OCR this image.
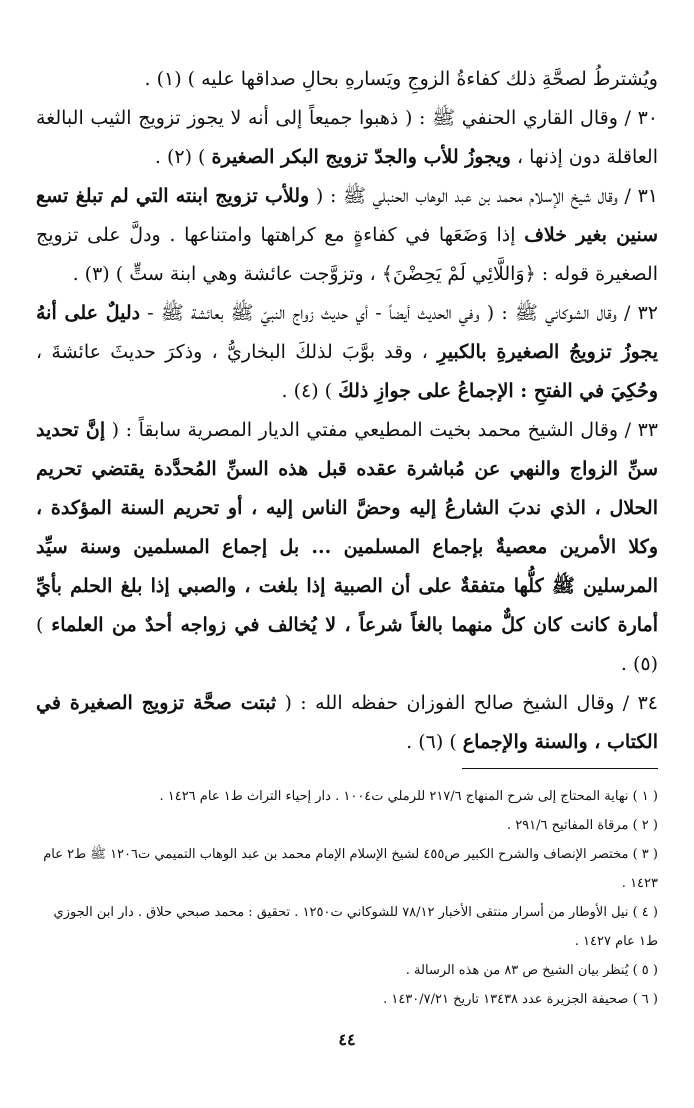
ويُشترطُ لصحَّةِ ذلك كفاءةُ الزوجِ ويَسارهِ بحالِ صداقها عليه ) (١) .

٣٠ / وقال القاري الحنفي ﷺ : ( ذهبوا جميعاً إلى أنه لا يجوز تزويج الثيب البالغة العاقلة دون إذنها ، ويجوزُ للأب والجدّ تزويج البكر الصغيرة ) (٢) .

٣١ / وقال شيخ الإسلام محمد بن عبد الوهاب الحنبلي ﷺ : ( وللأب تزويج ابنته التي لم تبلغ تسع سنين بغير خلاف إذا وَضَعَها في كفاءةٍ مع كراهتها وامتناعها . ودلَّ على تزويج الصغيرة قوله : ﴿وَاللَّائِي لَمْ يَحِضْنَ﴾ ، وتزوَّجت عائشة وهي ابنة ستٍّ ) (٣) .

٣٢ / وقال الشوكاني ﷺ : ( وفي الحديث أيضاً - أي حديث زواج النبيّ ﷺ بعائشة ﷺ - دليلٌ على أنهُ يجوزُ تزويجُ الصغيرةِ بالكبيرِ ، وقد بوَّبَ لذلكَ البخاريُّ ، وذكرَ حديثَ عائشةَ ، وحُكِيَ في الفتحِ : الإجماعُ على جوازِ ذلكَ ) (٤) .

٣٣ / وقال الشيخ محمد بخيت المطيعي مفتي الديار المصرية سابقاً : ( إنَّ تحديد سنِّ الزواج والنهي عن مُباشرة عقده قبل هذه السنِّ المُحدَّدة يقتضي تحريم الحلال ، الذي ندبَ الشارعُ إليه وحضَّ الناس إليه ، أو تحريم السنة المؤكدة ، وكلا الأمرين معصيةٌ بإجماع المسلمين ... بل إجماع المسلمين وسنة سيِّد المرسلين ﷺ كلُّها متفقةٌ على أن الصبية إذا بلغت ، والصبي إذا بلغ الحلم بأيِّ أمارة كانت كان كلٌّ منهما بالغاً شرعاً ، لا يُخالف في زواجه أحدٌ من العلماء ) (٥) .

٣٤ / وقال الشيخ صالح الفوزان حفظه الله : ( ثبتت صحَّة تزويج الصغيرة في الكتاب ، والسنة والإجماع ) (٦) .

( ١ ) نهاية المحتاج إلى شرح المنهاج ٢١٧/٦ للرملي ت١٠٠٤ . دار إحياء التراث ط١ عام ١٤٢٦ .

( ٢ ) مرقاة المفاتيح ٢٩١/٦ .

( ٣ ) مختصر الإنصاف والشرح الكبير ص٤٥٥ لشيخ الإسلام الإمام محمد بن عبد الوهاب التميمي ت١٢٠٦ ﷺ ط٢ عام ١٤٢٣ .

( ٤ ) نيل الأوطار من أسرار منتقى الأخبار ٧٨/١٢ للشوكاني ت١٢٥٠ . تحقيق : محمد صبحي حلاق . دار ابن الجوزي ط١ عام ١٤٢٧ .

( ٥ ) يُنظر بيان الشيخ ص ٨٣ من هذه الرسالة .

( ٦ ) صحيفة الجزيرة عدد ١٣٤٣٨ تاريخ ١٤٣٠/٧/٢١ .

٤٤
